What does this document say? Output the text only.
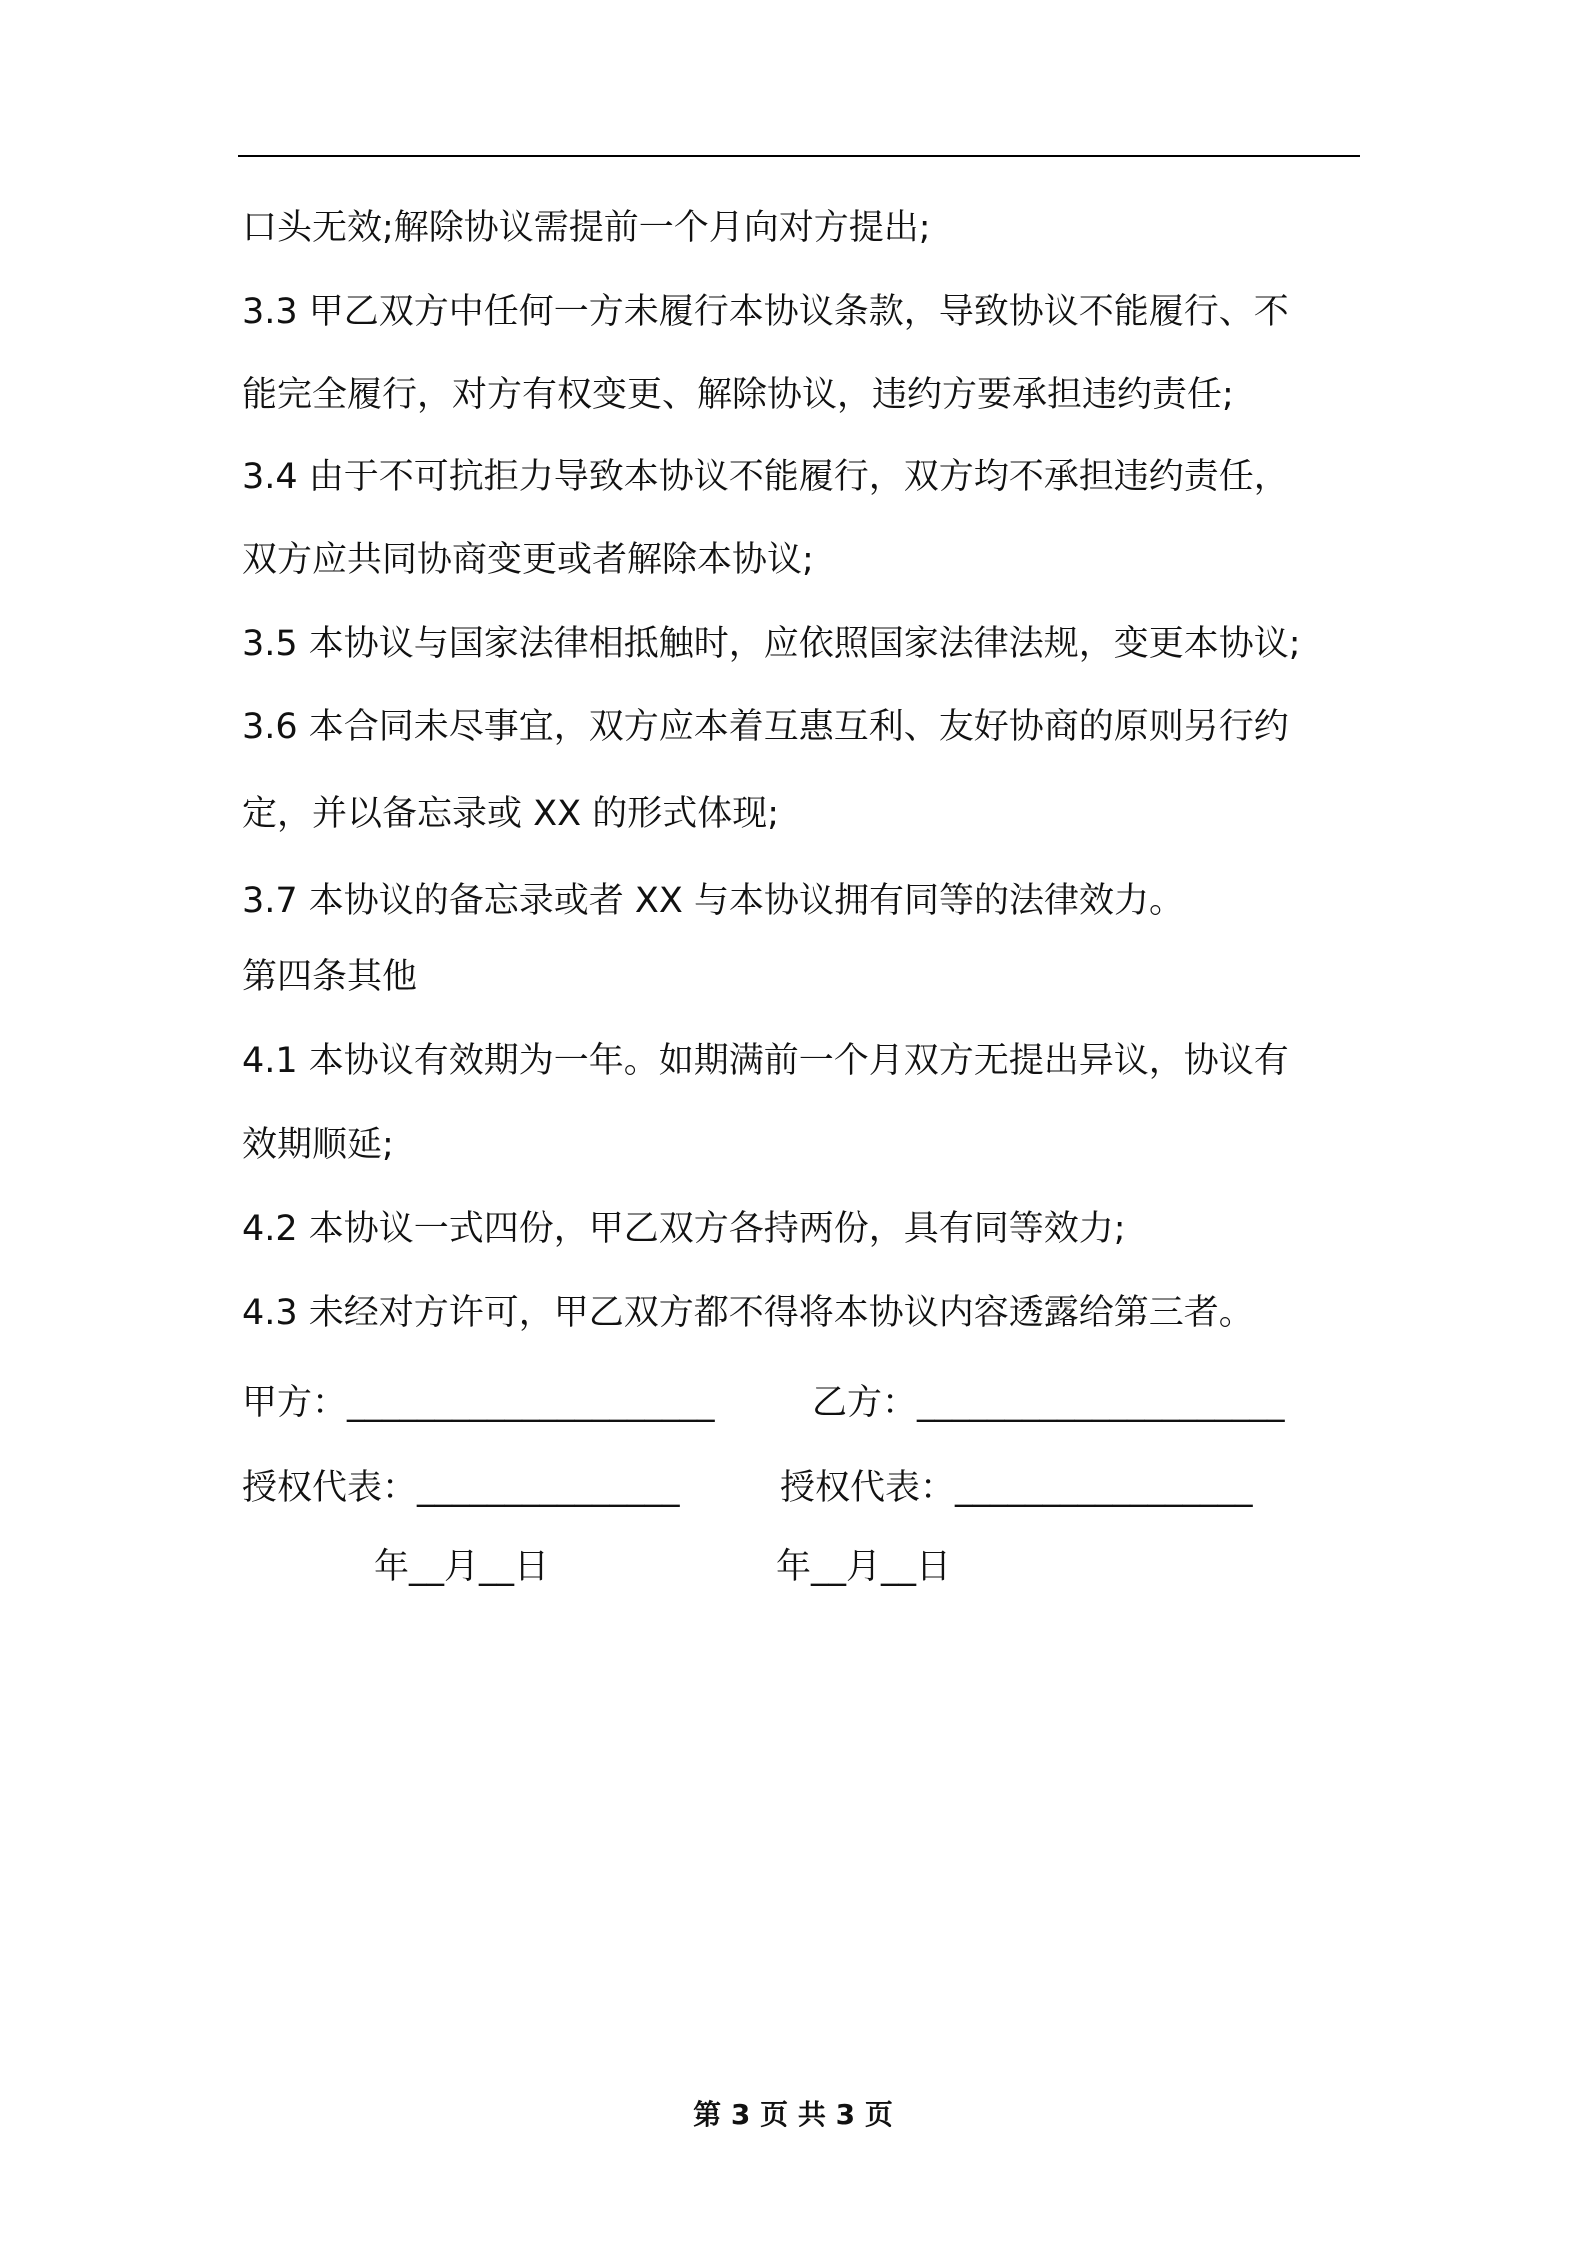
口头无效;解除协议需提前一个月向对方提出;
3.3 甲乙双方中任何一方未履行本协议条款，导致协议不能履行、不
能完全履行，对方有权变更、解除协议，违约方要承担违约责任;
3.4 由于不可抗拒力导致本协议不能履行，双方均不承担违约责任，
双方应共同协商变更或者解除本协议;
3.5 本协议与国家法律相抵触时，应依照国家法律法规，变更本协议;
3.6 本合同未尽事宜，双方应本着互惠互利、友好协商的原则另行约
定，并以备忘录或 XX 的形式体现;
3.7 本协议的备忘录或者 XX 与本协议拥有同等的法律效力。
第四条其他
4.1 本协议有效期为一年。如期满前一个月双方无提出异议，协议有
效期顺延;
4.2 本协议一式四份，甲乙双方各持两份，具有同等效力;
4.3 未经对方许可，甲乙双方都不得将本协议内容透露给第三者。
甲方：_____________________	乙方：_____________________
授权代表：_______________	授权代表：_________________
年__月__日	年__月__日
第 3 页 共 3 页
